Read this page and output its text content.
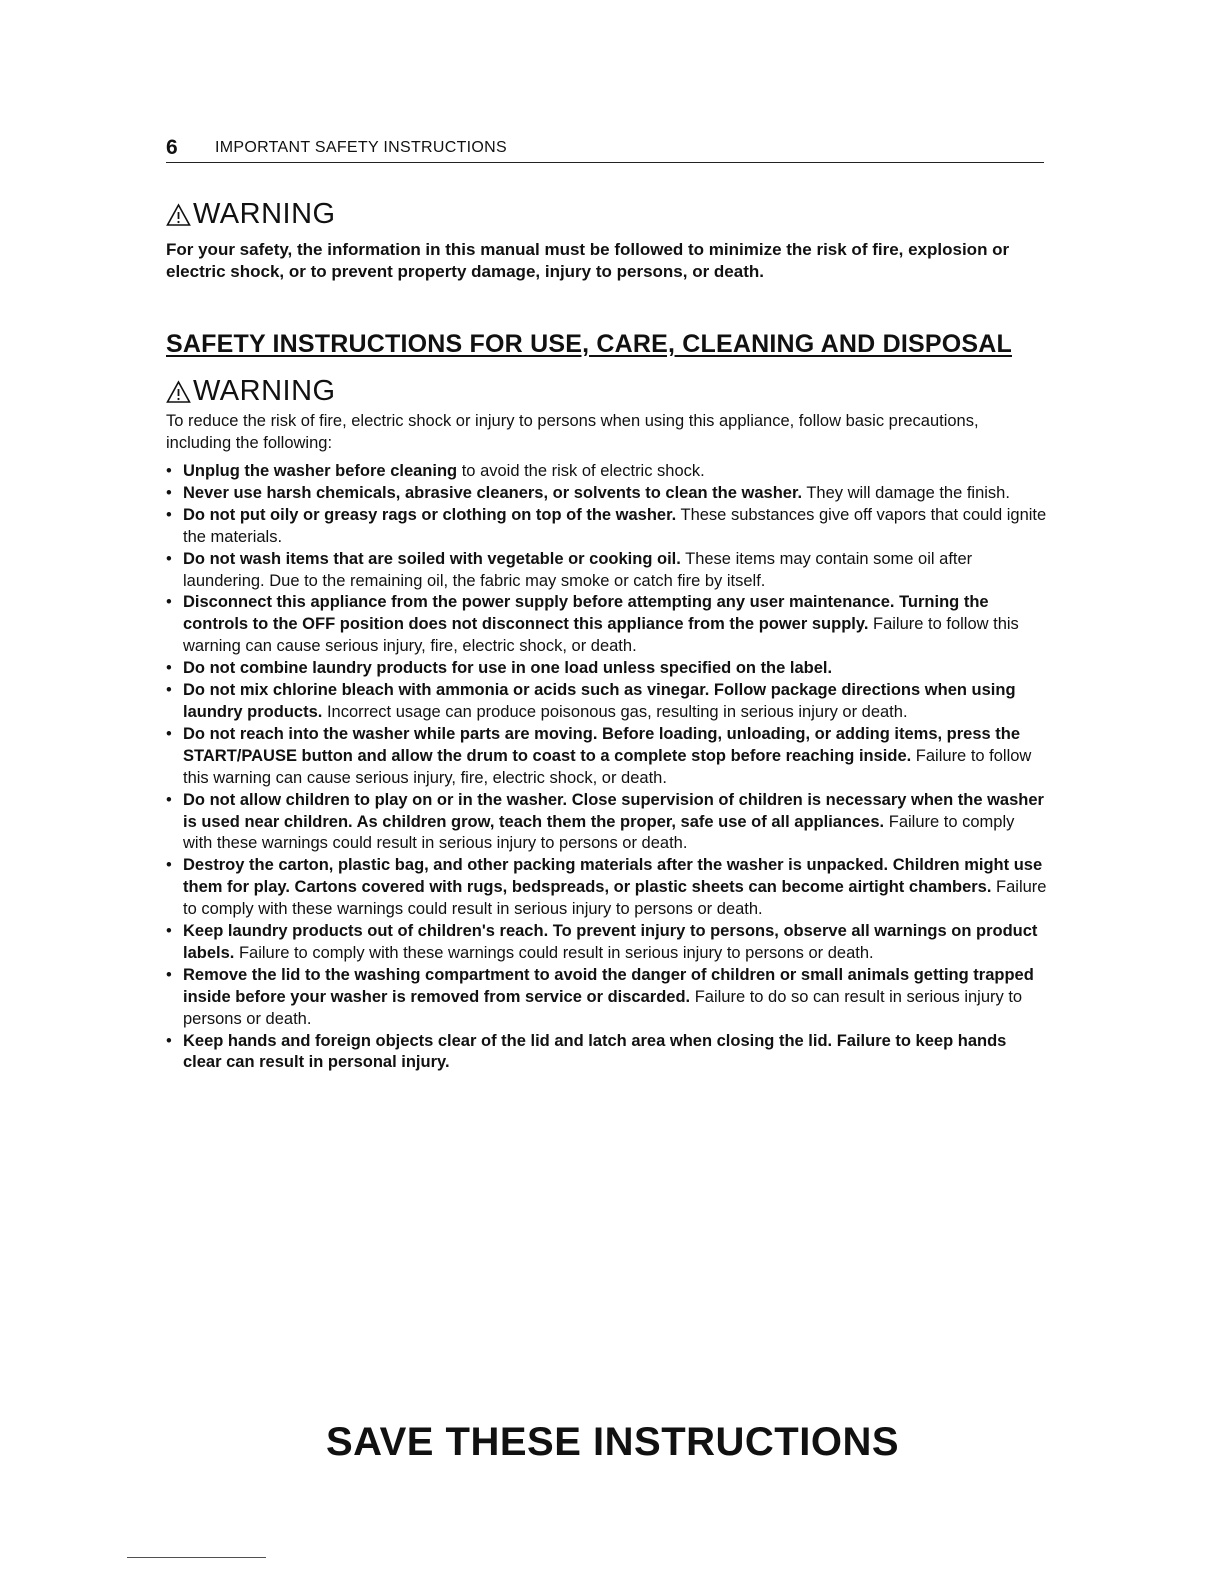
6 IMPORTANT SAFETY INSTRUCTIONS
WARNING
For your safety, the information in this manual must be followed to minimize the risk of fire, explosion or electric shock, or to prevent property damage, injury to persons, or death.
SAFETY INSTRUCTIONS FOR USE, CARE, CLEANING AND DISPOSAL
WARNING
To reduce the risk of fire, electric shock or injury to persons when using this appliance, follow basic precautions, including the following:
• Unplug the washer before cleaning to avoid the risk of electric shock.
• Never use harsh chemicals, abrasive cleaners, or solvents to clean the washer. They will damage the finish.
• Do not put oily or greasy rags or clothing on top of the washer. These substances give off vapors that could ignite the materials.
• Do not wash items that are soiled with vegetable or cooking oil. These items may contain some oil after laundering. Due to the remaining oil, the fabric may smoke or catch fire by itself.
• Disconnect this appliance from the power supply before attempting any user maintenance. Turning the controls to the OFF position does not disconnect this appliance from the power supply. Failure to follow this warning can cause serious injury, fire, electric shock, or death.
• Do not combine laundry products for use in one load unless specified on the label.
• Do not mix chlorine bleach with ammonia or acids such as vinegar. Follow package directions when using laundry products. Incorrect usage can produce poisonous gas, resulting in serious injury or death.
• Do not reach into the washer while parts are moving. Before loading, unloading, or adding items, press the START/PAUSE button and allow the drum to coast to a complete stop before reaching inside. Failure to follow this warning can cause serious injury, fire, electric shock, or death.
• Do not allow children to play on or in the washer. Close supervision of children is necessary when the washer is used near children. As children grow, teach them the proper, safe use of all appliances. Failure to comply with these warnings could result in serious injury to persons or death.
• Destroy the carton, plastic bag, and other packing materials after the washer is unpacked. Children might use them for play. Cartons covered with rugs, bedspreads, or plastic sheets can become airtight chambers. Failure to comply with these warnings could result in serious injury to persons or death.
• Keep laundry products out of children's reach. To prevent injury to persons, observe all warnings on product labels. Failure to comply with these warnings could result in serious injury to persons or death.
• Remove the lid to the washing compartment to avoid the danger of children or small animals getting trapped inside before your washer is removed from service or discarded. Failure to do so can result in serious injury to persons or death.
• Keep hands and foreign objects clear of the lid and latch area when closing the lid. Failure to keep hands clear can result in personal injury.
SAVE THESE INSTRUCTIONS
